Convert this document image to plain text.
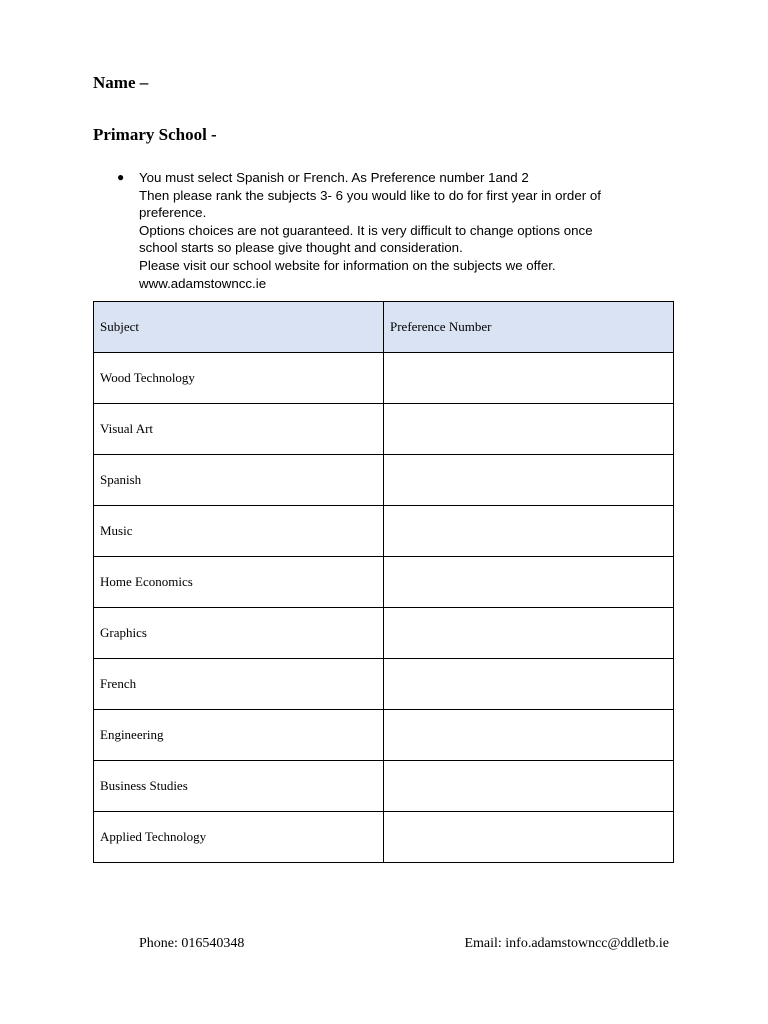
Name –
Primary School -
● You must select Spanish or French. As Preference number 1and 2
Then please rank the subjects 3- 6 you would like to do for first year in order of
preference.
Options choices are not guaranteed. It is very difficult to change options once
school starts so please give thought and consideration.
Please visit our school website for information on the subjects we offer.
www.adamstowncc.ie
Subject	Preference Number
Wood Technology	
Visual Art	
Spanish	
Music	
Home Economics	
Graphics	
French	
Engineering	
Business Studies	
Applied Technology	
Phone: 016540348	Email: info.adamstowncc@ddletb.ie
